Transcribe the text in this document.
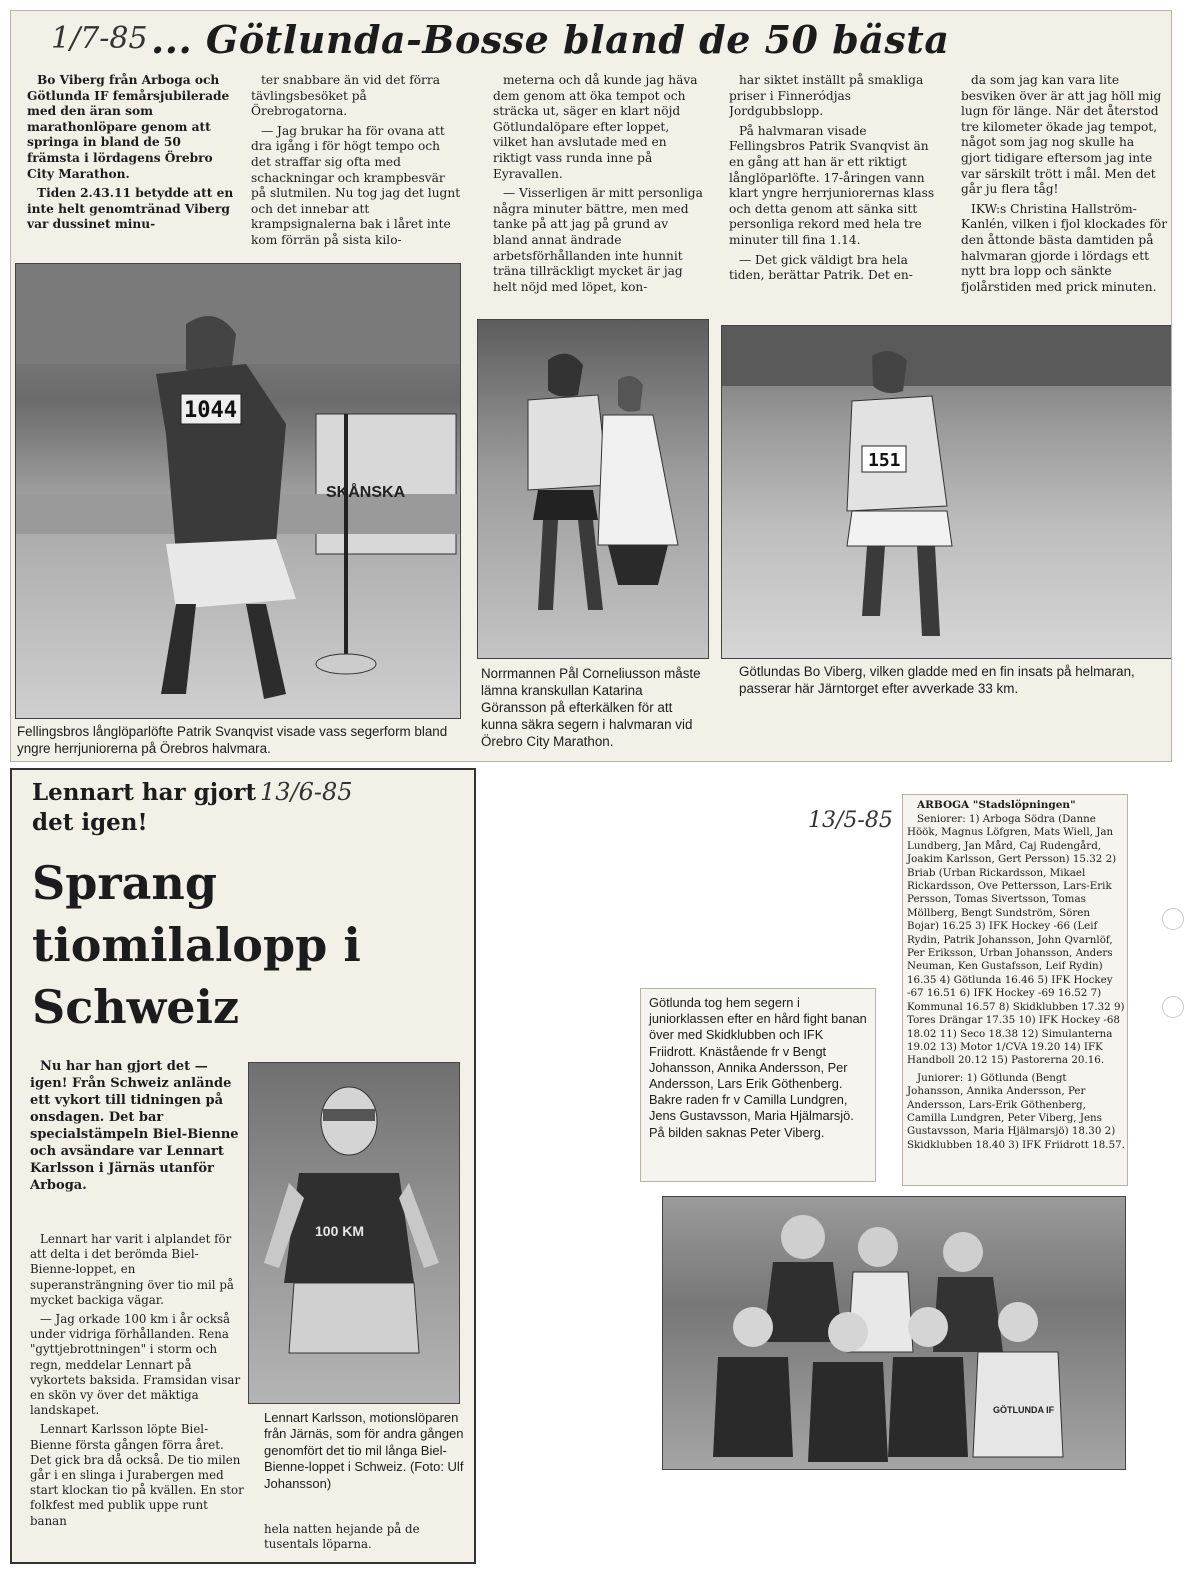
1/7-85 ... Götlunda-Bosse bland de 50 bästa

Bo Viberg från Arboga och Götlunda IF femårsjubilerade med den äran som marathonlöpare genom att springa in bland de 50 främsta i lördagens Örebro City Marathon.

Tiden 2.43.11 betydde att en inte helt genomtränad Viberg var dussinet minu-

ter snabbare än vid det förra tävlingsbesöket på Örebrogatorna.

— Jag brukar ha för ovana att dra igång i för högt tempo och det straffar sig ofta med schackningar och krampbesvär på slutmilen. Nu tog jag det lugnt och det innebar att krampsignalerna bak i låret inte kom förrän på sista kilo-

meterna och då kunde jag häva dem genom att öka tempot och sträcka ut, säger en klart nöjd Götlundalöpare efter loppet, vilket han avslutade med en riktigt vass runda inne på Eyravallen.

— Visserligen är mitt personliga några minuter bättre, men med tanke på att jag på grund av bland annat ändrade arbetsförhållanden inte hunnit träna tillräckligt mycket är jag helt nöjd med löpet, kon-

har siktet inställt på smakliga priser i Finneródjas Jordgubbslopp.

På halvmaran visade Fellingsbros Patrik Svanqvist än en gång att han är ett riktigt långlöparlöfte. 17-åringen vann klart yngre herrjuniorernas klass och detta genom att sänka sitt personliga rekord med hela tre minuter till fina 1.14.

— Det gick väldigt bra hela tiden, berättar Patrik. Det en-

da som jag kan vara lite besviken över är att jag höll mig lugn för länge. När det återstod tre kilometer ökade jag tempot, något som jag nog skulle ha gjort tidigare eftersom jag inte var särskilt trött i mål. Men det går ju flera tåg!

IKW:s Christina Hallström-Kanlén, vilken i fjol klockades för den åttonde bästa damtiden på halvmaran gjorde i lördags ett nytt bra lopp och sänkte fjolårstiden med prick minuten.

1044
SKÅNSKA
Fellingsbros långlöparlöfte Patrik Svanqvist visade vass segerform bland yngre herrjuniorerna på Örebros halvmara.
Norrmannen Pål Corneliusson måste lämna kranskullan Katarina Göransson på efterkälken för att kunna säkra segern i halvmaran vid Örebro City Marathon.
151
Götlundas Bo Viberg, vilken gladde med en fin insats på helmaran, passerar här Järntorget efter avverkade 33 km.
Lennart har gjort det igen!
13/6-85
Sprang tiomilalopp i Schweiz

Nu har han gjort det — igen! Från Schweiz anlände ett vykort till tidningen på onsdagen. Det bar specialstämpeln Biel-Bienne och avsändare var Lennart Karlsson i Järnäs utanför Arboga.

Lennart har varit i alplandet för att delta i det berömda Biel-Bienne-loppet, en superansträngning över tio mil på mycket backiga vägar.

— Jag orkade 100 km i år också under vidriga förhållanden. Rena "gyttjebrottningen" i storm och regn, meddelar Lennart på vykortets baksida. Framsidan visar en skön vy över det mäktiga landskapet.

Lennart Karlsson löpte Biel-Bienne första gången förra året. Det gick bra då också. De tio milen går i en slinga i Jurabergen med start klockan tio på kvällen. En stor folkfest med publik uppe runt banan

100 KM
Lennart Karlsson, motionslöparen från Järnäs, som för andra gången genomfört det tio mil långa Biel-Bienne-loppet i Schweiz. (Foto: Ulf Johansson)

hela natten hejande på de tusentals löparna.

13/5-85
ARBOGA "Stadslöpningen"

Seniorer: 1) Arboga Södra (Danne Höök, Magnus Löfgren, Mats Wiell, Jan Lundberg, Jan Mård, Caj Rudengård, Joakim Karlsson, Gert Persson) 15.32 2) Briab (Urban Rickardsson, Mikael Rickardsson, Ove Pettersson, Lars-Erik Persson, Tomas Sivertsson, Tomas Möllberg, Bengt Sundström, Sören Bojar) 16.25 3) IFK Hockey -66 (Leif Rydin, Patrik Johansson, John Qvarnlöf, Per Eriksson, Urban Johansson, Anders Neuman, Ken Gustafsson, Leif Rydin) 16.35 4) Götlunda 16.46 5) IFK Hockey -67 16.51 6) IFK Hockey -69 16.52 7) Kommunal 16.57 8) Skidklubben 17.32 9) Tores Drängar 17.35 10) IFK Hockey -68 18.02 11) Seco 18.38 12) Simulanterna 19.02 13) Motor 1/CVA 19.20 14) IFK Handboll 20.12 15) Pastorerna 20.16.

Juniorer: 1) Götlunda (Bengt Johansson, Annika Andersson, Per Andersson, Lars-Erik Göthenberg, Camilla Lundgren, Peter Viberg, Jens Gustavsson, Maria Hjälmarsjö) 18.30 2) Skidklubben 18.40 3) IFK Friidrott 18.57.

Götlunda tog hem segern i juniorklassen efter en hård fight banan över med Skidklubben och IFK Friidrott. Knästående fr v Bengt Johansson, Annika Andersson, Per Andersson, Lars Erik Göthenberg. Bakre raden fr v Camilla Lundgren, Jens Gustavsson, Maria Hjälmarsjö. På bilden saknas Peter Viberg.
GÖTLUNDA IF
